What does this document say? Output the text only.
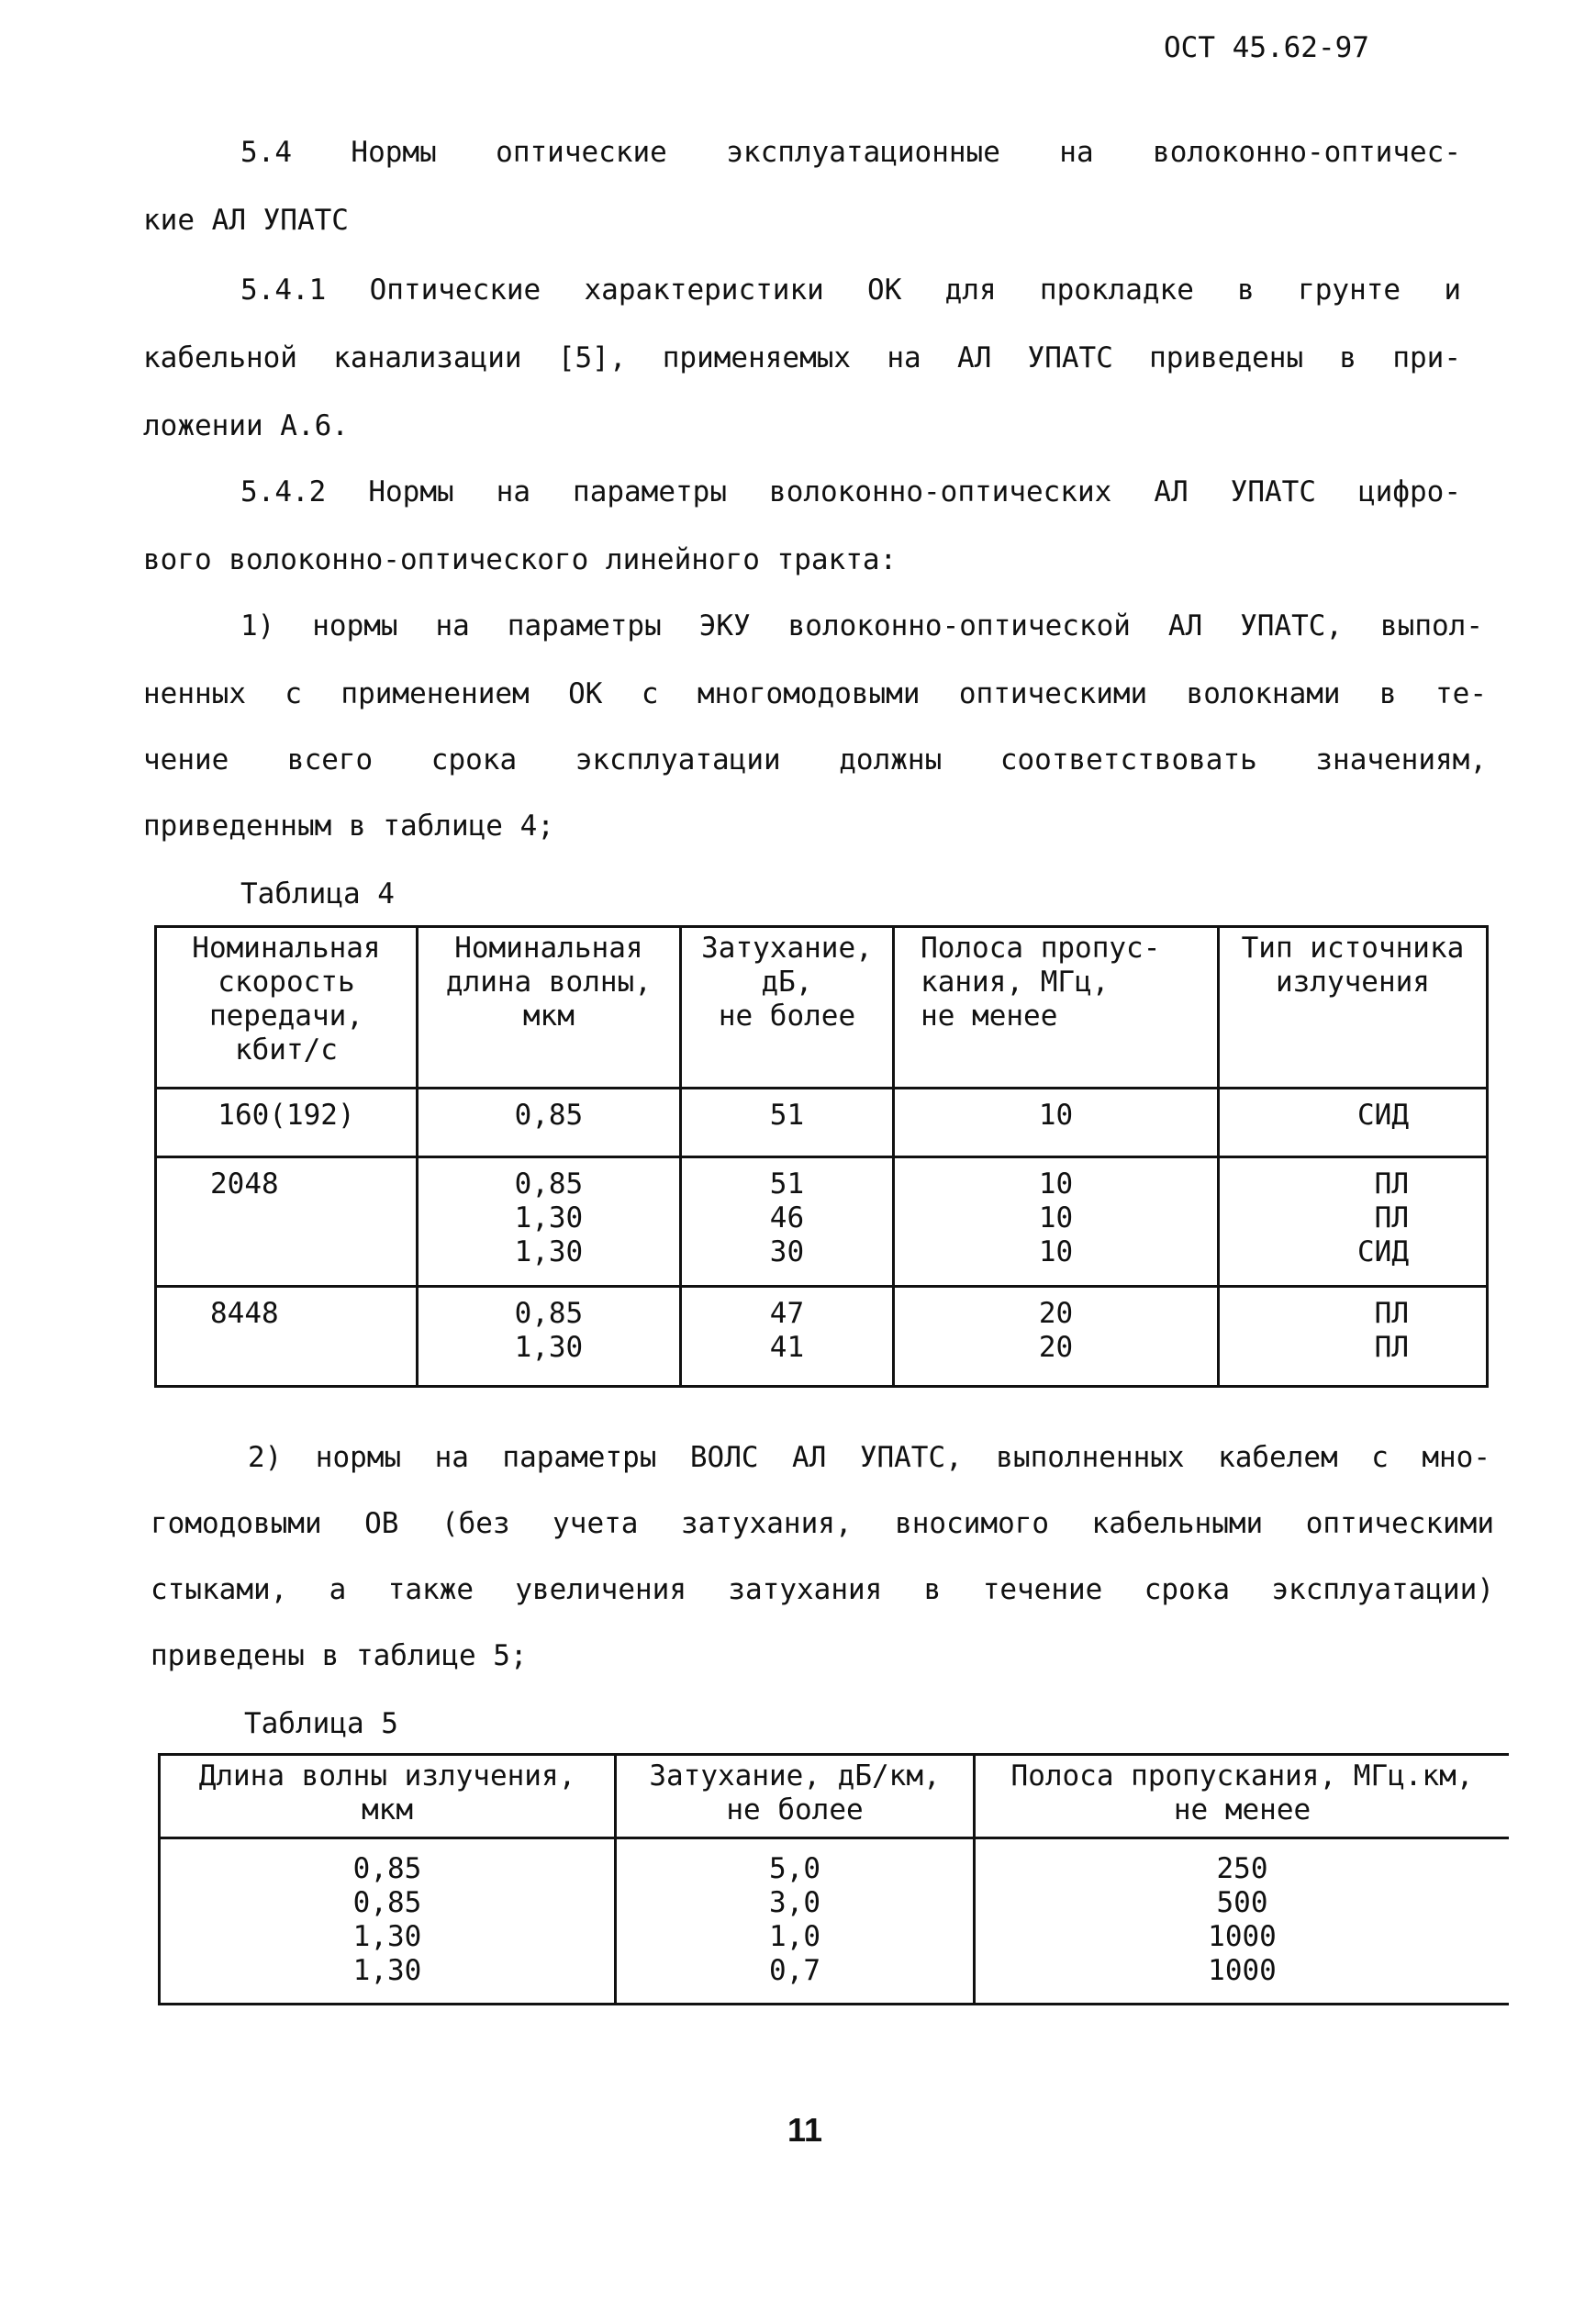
ОСТ 45.62-97
5.4 Нормы оптические эксплуатационные на волоконно-оптичес-
кие АЛ УПАТС
5.4.1 Оптические характеристики ОК для прокладке в грунте и
кабельной канализации [5], применяемых на АЛ УПАТС приведены в при-
ложении А.6.
5.4.2 Нормы на параметры волоконно-оптических АЛ УПАТС цифро-
вого волоконно-оптического линейного тракта:
1) нормы на параметры ЭКУ волоконно-оптической АЛ УПАТС, выпол-
ненных с применением ОК с многомодовыми оптическими волокнами в те-
чение всего срока эксплуатации должны соответствовать значениям,
приведенным в таблице 4;
Таблица 4
Номинальная
скорость
передачи,
кбит/с	Номинальная
длина волны,
мкм	Затухание,
дБ,
не более	Полоса пропус-
кания, МГц,
не менее	Тип источника
излучения
160(192)	0,85	51	10	СИД
2048	0,85
1,30
1,30	51
46
30	10
10
10	ПЛ
ПЛ
СИД
8448	0,85
1,30	47
41	20
20	ПЛ
ПЛ
2) нормы на параметры ВОЛС АЛ УПАТС, выполненных кабелем с мно-
гомодовыми ОВ (без учета затухания, вносимого кабельными оптическими
стыками, а также увеличения затухания в течение срока эксплуатации)
приведены в таблице 5;
Таблица 5
Длина волны излучения,
мкм	Затухание, дБ/км,
не более	Полоса пропускания, МГц.км,
не менее
0,85
0,85
1,30
1,30	5,0
3,0
1,0
0,7	250
500
1000
1000
11
